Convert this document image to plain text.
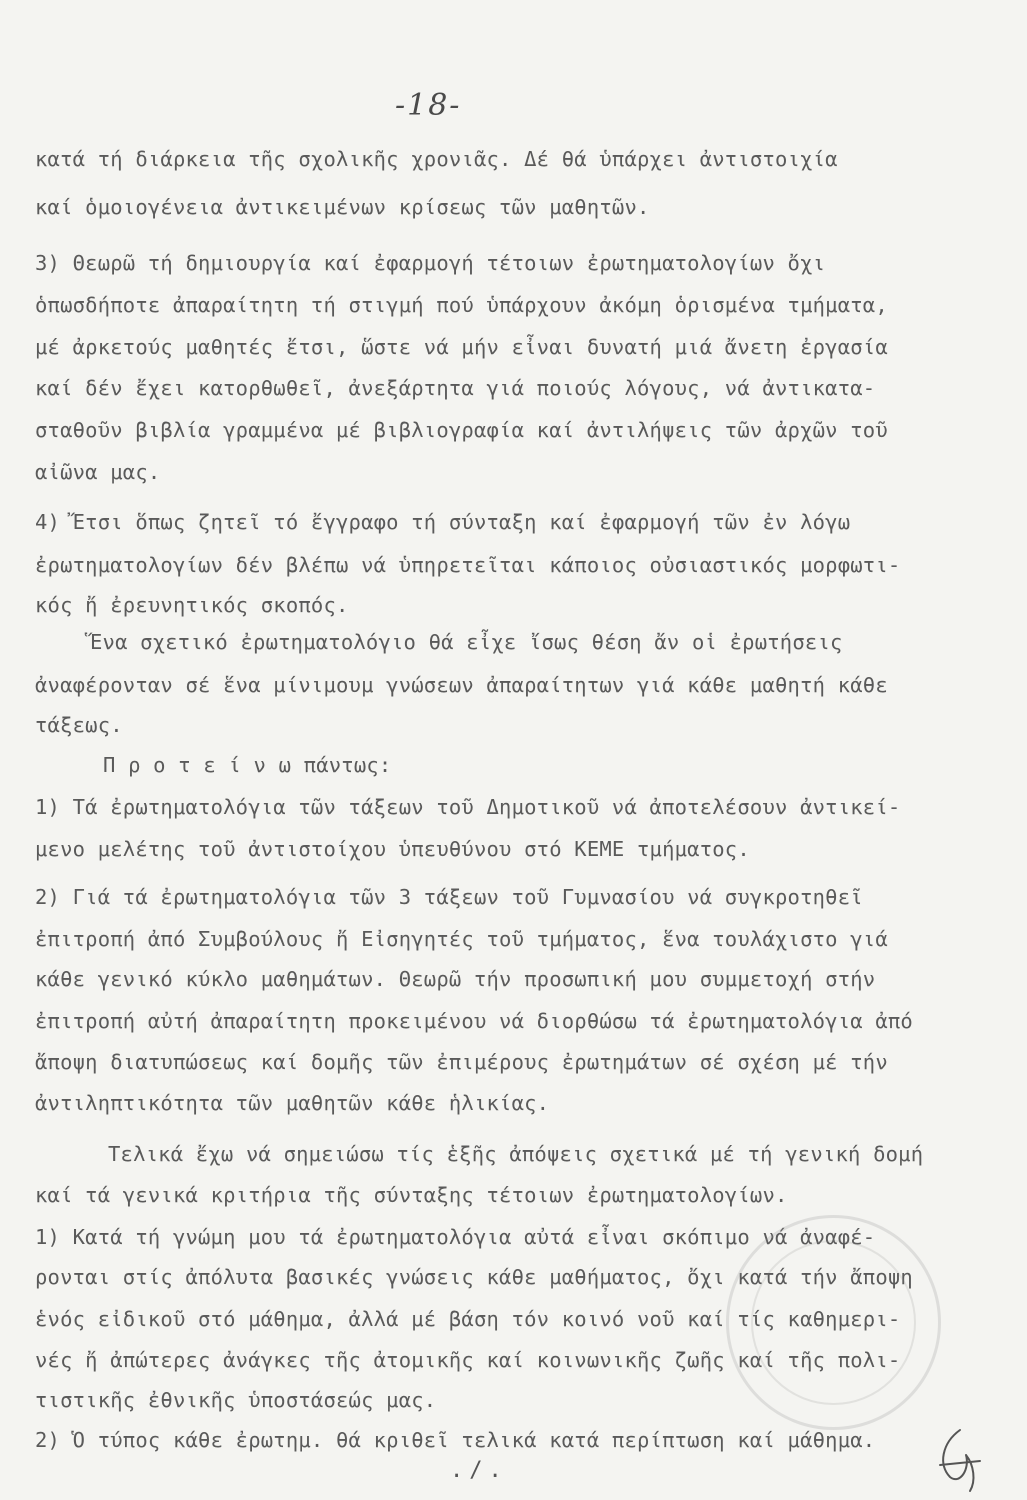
-18-
κατά τή διάρκεια τῆς σχολικῆς χρονιᾶς. Δέ θά ὑπάρχει ἀντιστοιχία
καί ὁμοιογένεια ἀντικειμένων κρίσεως τῶν μαθητῶν.
3) Θεωρῶ τή δημιουργία καί ἐφαρμογή τέτοιων ἐρωτηματολογίων ὄχι
ὁπωσδήποτε ἀπαραίτητη τή στιγμή πού ὑπάρχουν ἀκόμη ὁρισμένα τμήματα,
μέ ἀρκετούς μαθητές ἔτσι, ὥστε νά μήν εἶναι δυνατή μιά ἄνετη ἐργασία
καί δέν ἔχει κατορθωθεῖ, ἀνεξάρτητα γιά ποιούς λόγους, νά ἀντικατα-
σταθοῦν βιβλία γραμμένα μέ βιβλιογραφία καί ἀντιλήψεις τῶν ἀρχῶν τοῦ
αἰῶνα μας.
4) Ἔτσι ὅπως ζητεῖ τό ἔγγραφο τή σύνταξη καί ἐφαρμογή τῶν ἐν λόγω
ἐρωτηματολογίων δέν βλέπω νά ὑπηρετεῖται κάποιος οὐσιαστικός μορφωτι-
κός ἤ ἐρευνητικός σκοπός.
Ἕνα σχετικό ἐρωτηματολόγιο θά εἶχε ἴσως θέση ἄν οἱ ἐρωτήσεις
ἀναφέρονταν σέ ἕνα μίνιμουμ γνώσεων ἀπαραίτητων γιά κάθε μαθητή κάθε
τάξεως.
Π ρ ο τ ε ί ν ω πάντως:
1) Τά ἐρωτηματολόγια τῶν τάξεων τοῦ Δημοτικοῦ νά ἀποτελέσουν ἀντικεί-
μενο μελέτης τοῦ ἀντιστοίχου ὑπευθύνου στό ΚΕΜΕ τμήματος.
2) Γιά τά ἐρωτηματολόγια τῶν 3 τάξεων τοῦ Γυμνασίου νά συγκροτηθεῖ
ἐπιτροπή ἀπό Συμβούλους ἤ Εἰσηγητές τοῦ τμήματος, ἕνα τουλάχιστο γιά
κάθε γενικό κύκλο μαθημάτων. Θεωρῶ τήν προσωπική μου συμμετοχή στήν
ἐπιτροπή αὐτή ἀπαραίτητη προκειμένου νά διορθώσω τά ἐρωτηματολόγια ἀπό
ἄποψη διατυπώσεως καί δομῆς τῶν ἐπιμέρους ἐρωτημάτων σέ σχέση μέ τήν
ἀντιληπτικότητα τῶν μαθητῶν κάθε ἡλικίας.
Τελικά ἔχω νά σημειώσω τίς ἑξῆς ἀπόψεις σχετικά μέ τή γενική δομή
καί τά γενικά κριτήρια τῆς σύνταξης τέτοιων ἐρωτηματολογίων.
1) Κατά τή γνώμη μου τά ἐρωτηματολόγια αὐτά εἶναι σκόπιμο νά ἀναφέ-
ρονται στίς ἀπόλυτα βασικές γνώσεις κάθε μαθήματος, ὄχι κατά τήν ἄποψη
ἑνός εἰδικοῦ στό μάθημα, ἀλλά μέ βάση τόν κοινό νοῦ καί τίς καθημερι-
νές ἤ ἀπώτερες ἀνάγκες τῆς ἀτομικῆς καί κοινωνικῆς ζωῆς καί τῆς πολι-
τιστικῆς ἐθνικῆς ὑποστάσεώς μας.
2) Ὁ τύπος κάθε ἐρωτημ. θά κριθεῖ τελικά κατά περίπτωση καί μάθημα.
./.
